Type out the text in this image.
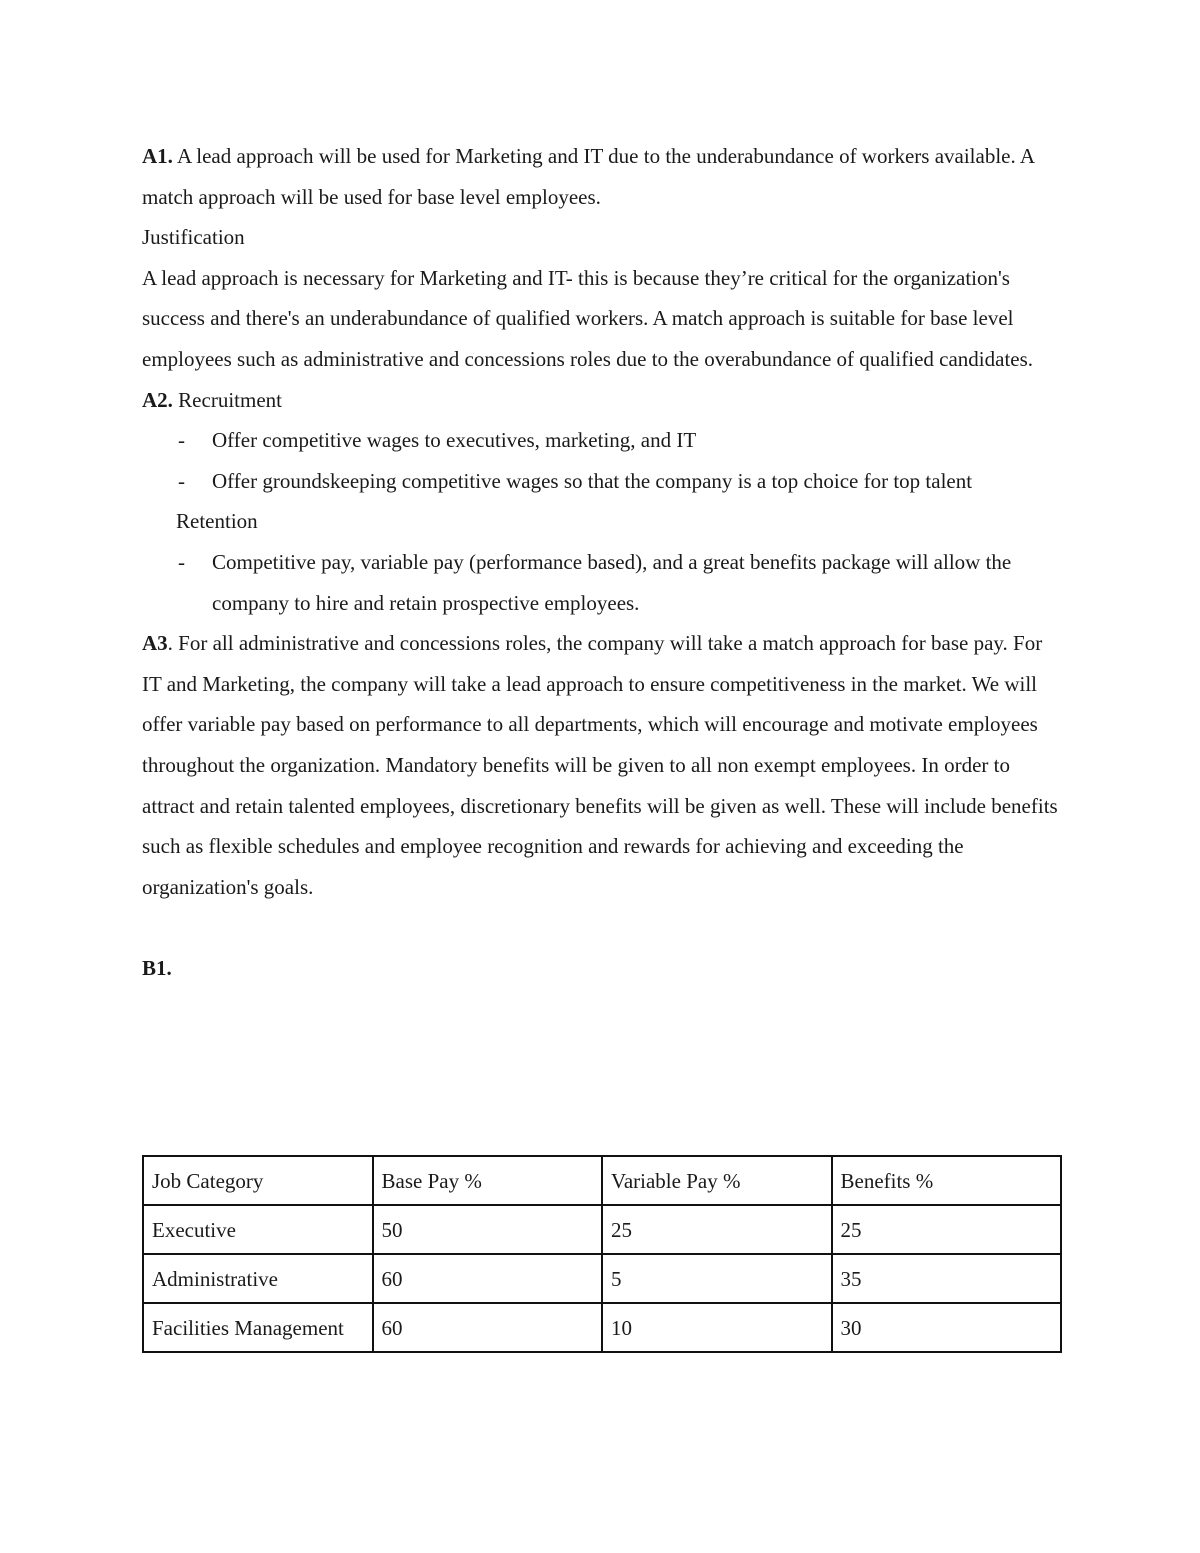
A1. A lead approach will be used for Marketing and IT due to the underabundance of workers available. A match approach will be used for base level employees.

Justification

A lead approach is necessary for Marketing and IT- this is because they’re critical for the organization's success and there's an underabundance of qualified workers. A match approach is suitable for base level employees such as administrative and concessions roles due to the overabundance of qualified candidates.

A2. Recruitment

- Offer competitive wages to executives, marketing, and IT
- Offer groundskeeping competitive wages so that the company is a top choice for top talent

Retention

- Competitive pay, variable pay (performance based), and a great benefits package will allow the company to hire and retain prospective employees.

A3. For all administrative and concessions roles, the company will take a match approach for base pay. For IT and Marketing, the company will take a lead approach to ensure competitiveness in the market. We will offer variable pay based on performance to all departments, which will encourage and motivate employees throughout the organization. Mandatory benefits will be given to all non exempt employees. In order to attract and retain talented employees, discretionary benefits will be given as well. These will include benefits such as flexible schedules and employee recognition and rewards for achieving and exceeding the organization's goals.

B1.

Job Category	Base Pay %	Variable Pay %	Benefits %
Executive	50	25	25
Administrative	60	5	35
Facilities Management	60	10	30
